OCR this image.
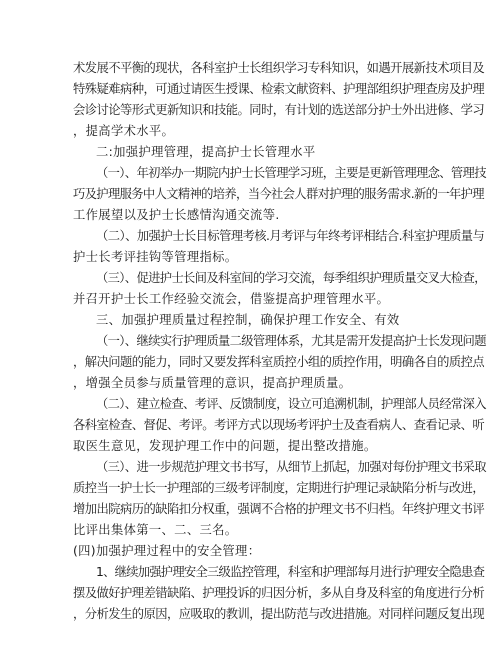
术发展不平衡的现状，各科室护士长组织学习专科知识，如遇开展新技术项目及
特殊疑难病种，可通过请医生授课、检索文献资料、护理部组织护理查房及护理
会诊讨论等形式更新知识和技能。同时，有计划的选送部分护士外出进修、学习
，提高学术水平。
二:加强护理管理，提高护士长管理水平
（一）、年初举办一期院内护士长管理学习班，主要是更新管理理念、管理技
巧及护理服务中人文精神的培养，当今社会人群对护理的服务需求.新的一年护理
工作展望以及护士长感情沟通交流等.
（二）、加强护士长目标管理考核.月考评与年终考评相结合.科室护理质量与
护士长考评挂钩等管理指标。
（三）、促进护士长间及科室间的学习交流，每季组织护理质量交叉大检查，
并召开护士长工作经验交流会，借鉴提高护理管理水平。
三、加强护理质量过程控制，确保护理工作安全、有效
（一）、继续实行护理质量二级管理体系，尤其是需开发提高护士长发现问题
，解决问题的能力，同时又要发挥科室质控小组的质控作用，明确各自的质控点
，增强全员参与质量管理的意识，提高护理质量。
（二）、建立检查、考评、反馈制度，设立可追溯机制，护理部人员经常深入
各科室检查、督促、考评。考评方式以现场考评护士及查看病人、查看记录、听
取医生意见，发现护理工作中的问题，提出整改措施。
（三）、进一步规范护理文书书写，从细节上抓起，加强对每份护理文书采取
质控当一护士长一护理部的三级考评制度，定期进行护理记录缺陷分析与改进，
增加出院病历的缺陷扣分权重，强调不合格的护理文书不归档。年终护理文书评
比评出集体第一、二、三名。
(四)加强护理过程中的安全管理：
1、继续加强护理安全三级监控管理，科室和护理部每月进行护理安全隐患查
摆及做好护理差错缺陷、护理投诉的归因分析，多从自身及科室的角度进行分析
，分析发生的原因，应吸取的教训，提出防范与改进措施。对同样问题反复出现
